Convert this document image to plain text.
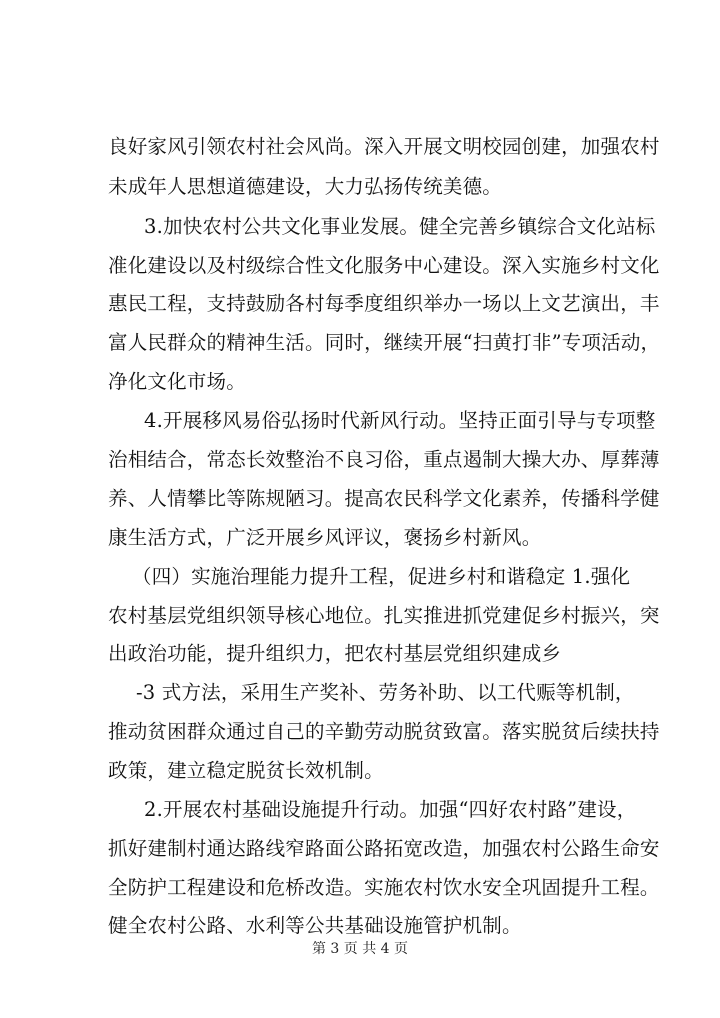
良好家风引领农村社会风尚。深入开展文明校园创建，加强农村
未成年人思想道德建设，大力弘扬传统美德。
3.加快农村公共文化事业发展。健全完善乡镇综合文化站标
准化建设以及村级综合性文化服务中心建设。深入实施乡村文化
惠民工程，支持鼓励各村每季度组织举办一场以上文艺演出，丰
富人民群众的精神生活。同时，继续开展“扫黄打非”专项活动，
净化文化市场。
4.开展移风易俗弘扬时代新风行动。坚持正面引导与专项整
治相结合，常态长效整治不良习俗，重点遏制大操大办、厚葬薄
养、人情攀比等陈规陋习。提高农民科学文化素养，传播科学健
康生活方式，广泛开展乡风评议，褒扬乡村新风。
（四）实施治理能力提升工程，促进乡村和谐稳定 1.强化
农村基层党组织领导核心地位。扎实推进抓党建促乡村振兴，突
出政治功能，提升组织力，把农村基层党组织建成乡
-3 式方法，采用生产奖补、劳务补助、以工代赈等机制，
推动贫困群众通过自己的辛勤劳动脱贫致富。落实脱贫后续扶持
政策，建立稳定脱贫长效机制。
2.开展农村基础设施提升行动。加强“四好农村路”建设，
抓好建制村通达路线窄路面公路拓宽改造，加强农村公路生命安
全防护工程建设和危桥改造。实施农村饮水安全巩固提升工程。
健全农村公路、水利等公共基础设施管护机制。
第 3 页 共 4 页
